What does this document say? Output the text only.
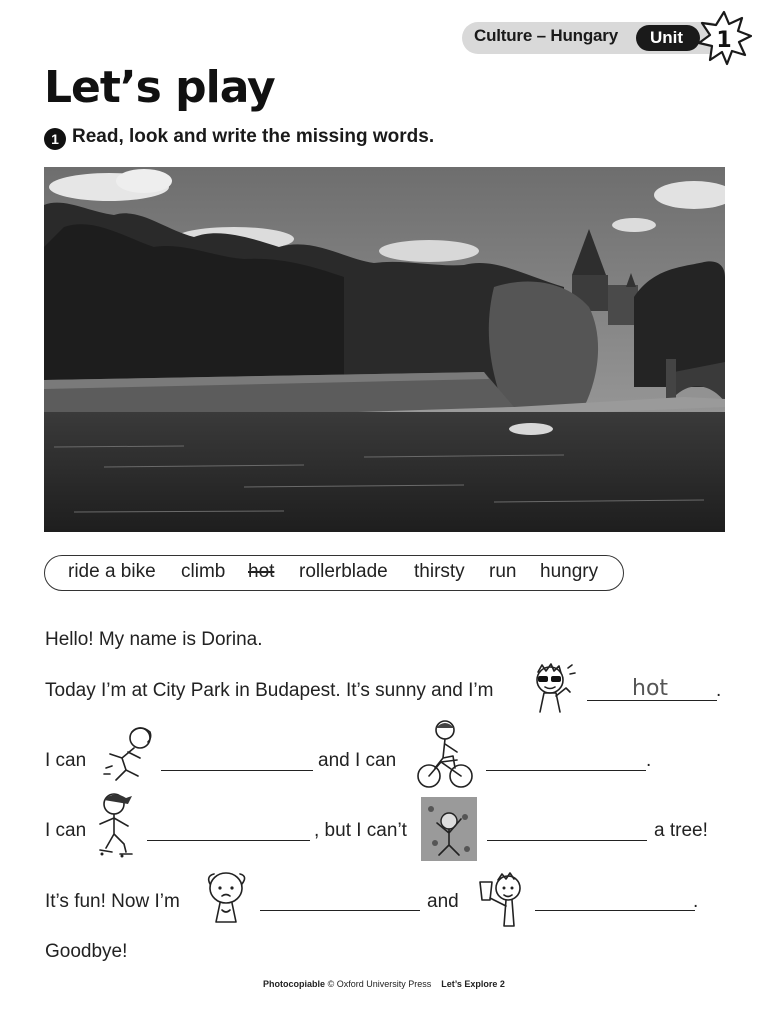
Culture – Hungary	Unit	1
Let’s play
1 Read, look and write the missing words.
ride a bike climb hot rollerblade thirsty run hungry
Hello! My name is Dorina.
Today I’m at City Park in Budapest. It’s sunny and I’m	hot	.
I can	and I can	.
I can	, but I can’t	a tree!
It’s fun! Now I’m	and	.
Goodbye!
Photocopiable © Oxford University Press Let’s Explore 2
